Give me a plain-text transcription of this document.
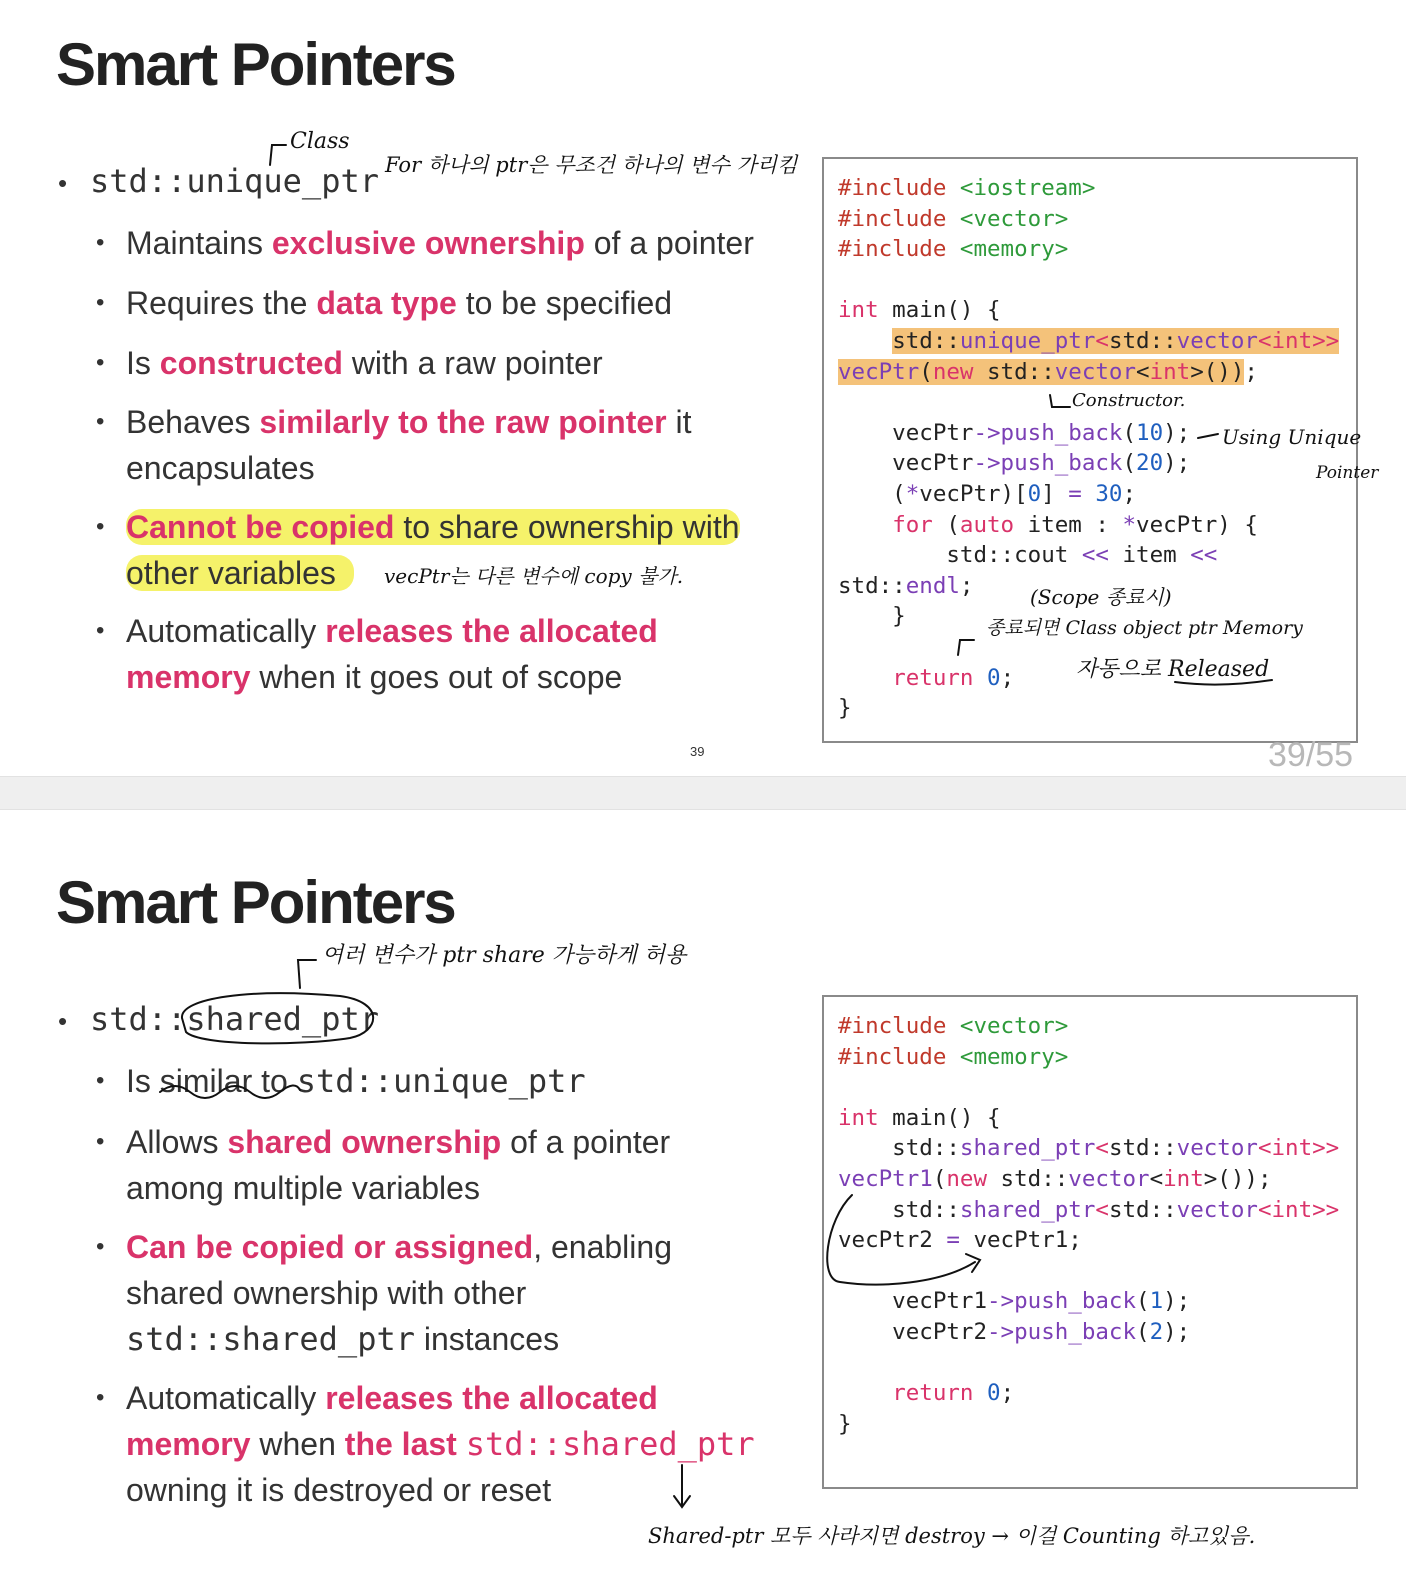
Smart Pointers
• std::unique_ptr
• Maintains exclusive ownership of a pointer
• Requires the data type to be specified
• Is constructed with a raw pointer
• Behaves similarly to the raw pointer it
encapsulates
• Cannot be copied to share ownership with
other variables
• Automatically releases the allocated
memory when it goes out of scope
#include <iostream>
#include <vector>
#include <memory>

int main() {
std::unique_ptr<std::vector<int>>
vecPtr(new std::vector<int>());

vecPtr->push_back(10);
vecPtr->push_back(20);
(*vecPtr)[0] = 30;
for (auto item : *vecPtr) {
std::cout << item <<
std::endl;
}

return 0;
}
39	39/55
Class
For 하나의 ptr은 무조건 하나의 변수 가리킴
Constructor.
Using Unique
Pointer
vecPtr는 다른 변수에 copy 불가.
(Scope 종료시)
종료되면 Class object ptr Memory
자동으로 Released
Smart Pointers
• std::shared_ptr
• Is similar to std::unique_ptr
• Allows shared ownership of a pointer
among multiple variables
• Can be copied or assigned, enabling
shared ownership with other
std::shared_ptr instances
• Automatically releases the allocated
memory when the last std::shared_ptr
owning it is destroyed or reset
#include <vector>
#include <memory>

int main() {
std::shared_ptr<std::vector<int>>
vecPtr1(new std::vector<int>());
std::shared_ptr<std::vector<int>>
vecPtr2 = vecPtr1;

vecPtr1->push_back(1);
vecPtr2->push_back(2);

return 0;
}
여러 변수가 ptr share 가능하게 허용
Shared-ptr 모두 사라지면 destroy → 이걸 Counting 하고있음.
